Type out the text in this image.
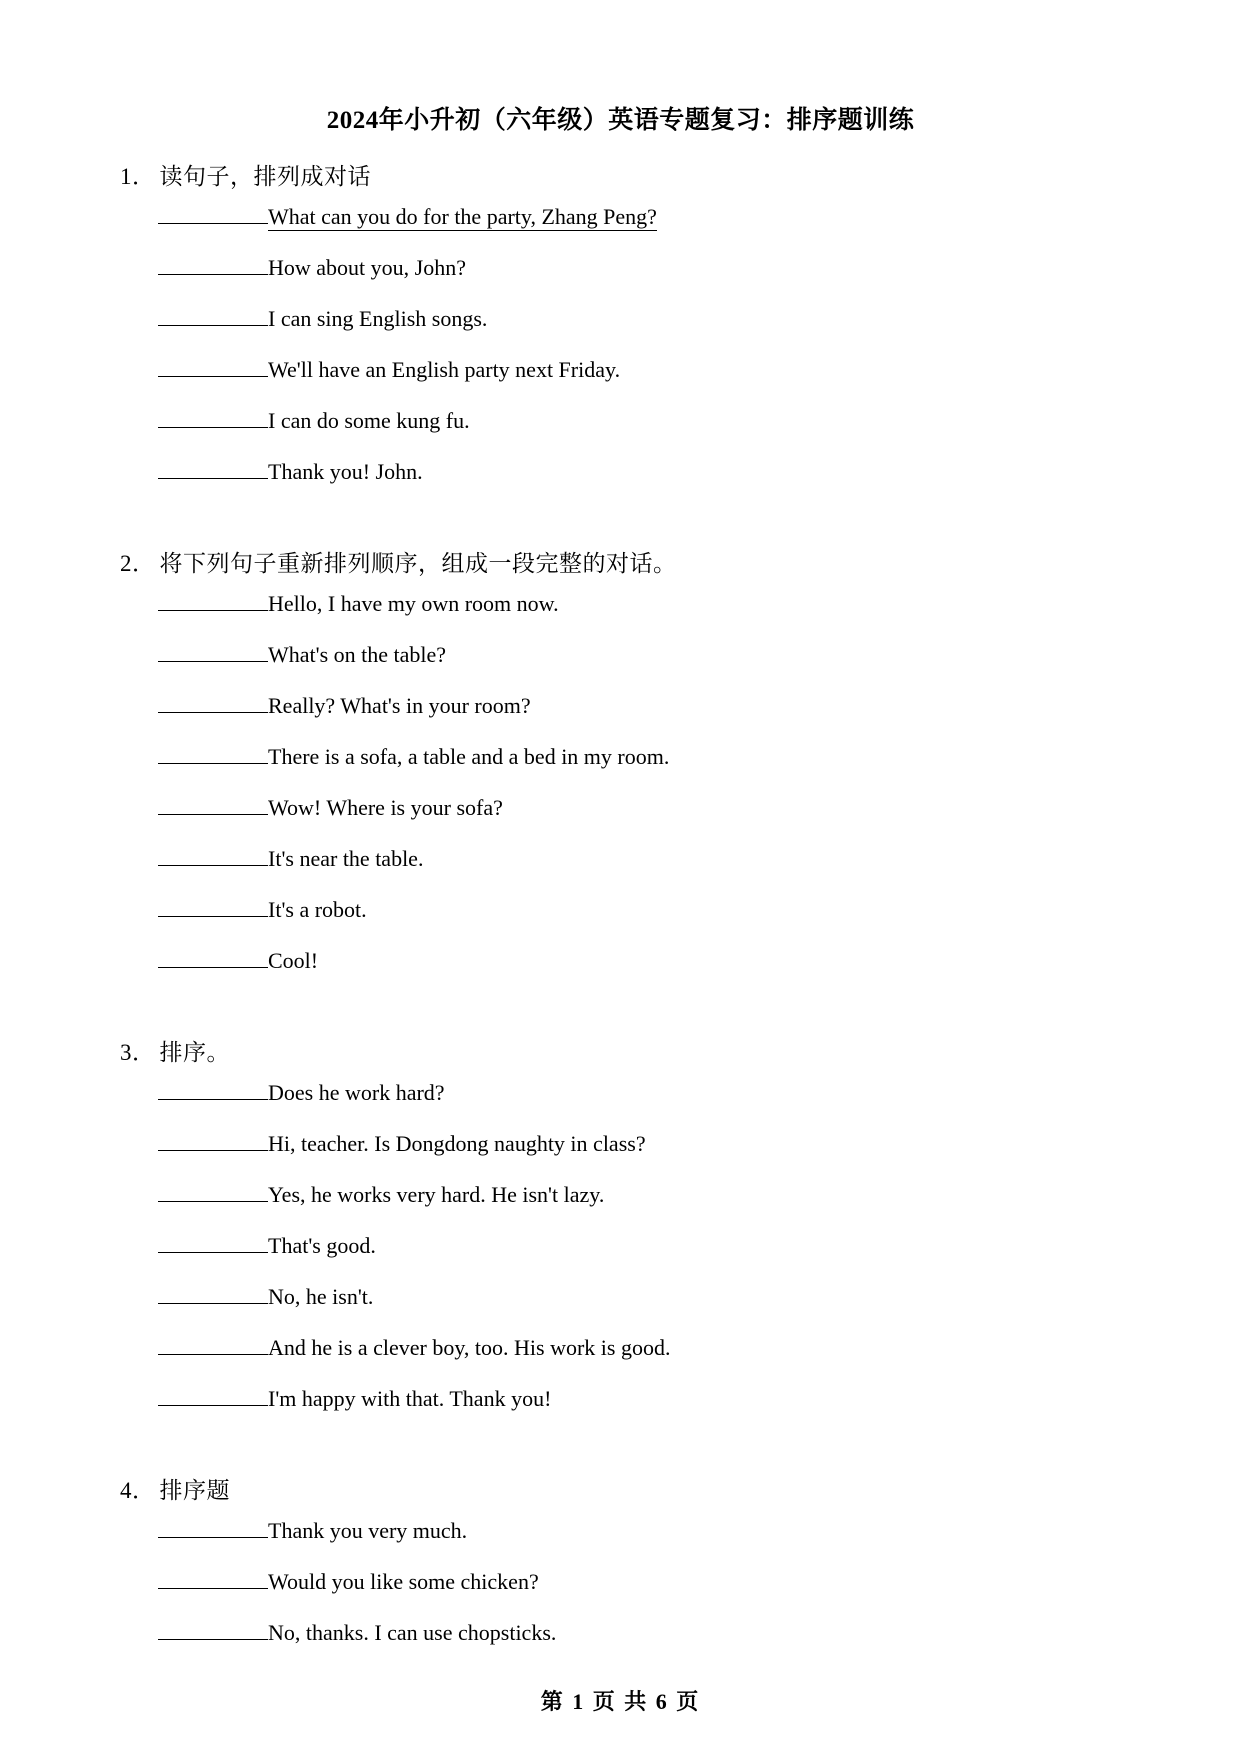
2024年小升初（六年级）英语专题复习：排序题训练
1． 读句子，排列成对话
What can you do for the party, Zhang Peng?
How about you, John?
I can sing English songs.
We'll have an English party next Friday.
I can do some kung fu.
Thank you! John.
2． 将下列句子重新排列顺序，组成一段完整的对话。
Hello, I have my own room now.
What's on the table?
Really? What's in your room?
There is a sofa, a table and a bed in my room.
Wow! Where is your sofa?
It's near the table.
It's a robot.
Cool!
3． 排序。
Does he work hard?
Hi, teacher. Is Dongdong naughty in class?
Yes, he works very hard. He isn't lazy.
That's good.
No, he isn't.
And he is a clever boy, too. His work is good.
I'm happy with that. Thank you!
4． 排序题
Thank you very much.
Would you like some chicken?
No, thanks. I can use chopsticks.
第 1 页 共 6 页
